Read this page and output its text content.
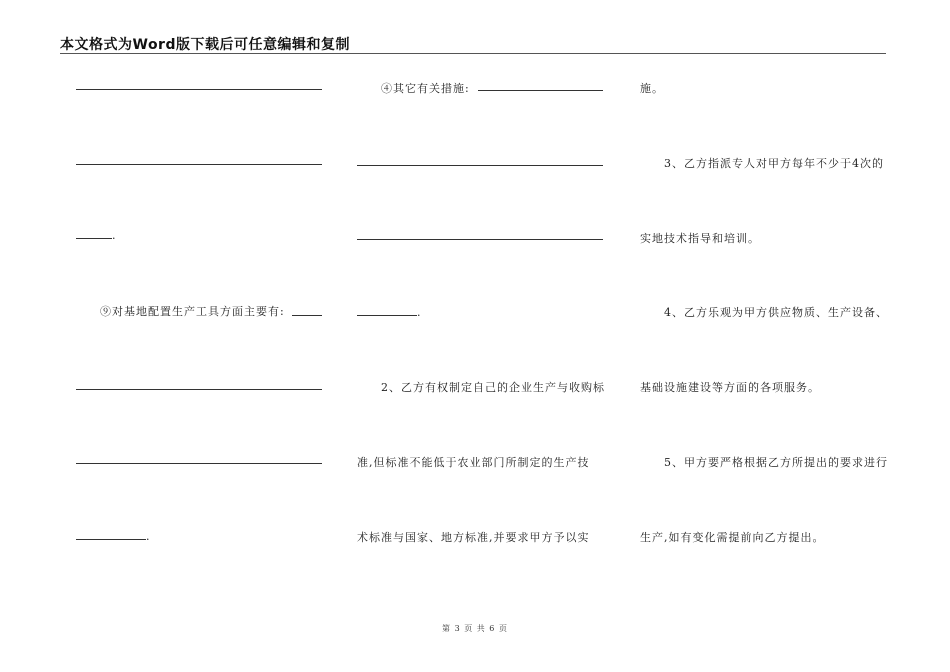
本文格式为Word版下载后可任意编辑和复制
.
⑨对基地配置生产工具方面主要有:
.
④其它有关措施:
.
2、乙方有权制定自己的企业生产与收购标
准,但标准不能低于农业部门所制定的生产技
术标准与国家、地方标准,并要求甲方予以实
施。
3、乙方指派专人对甲方每年不少于4次的
实地技术指导和培训。
4、乙方乐观为甲方供应物质、生产设备、
基础设施建设等方面的各项服务。
5、甲方要严格根据乙方所提出的要求进行
生产,如有变化需提前向乙方提出。
第 3 页 共 6 页
